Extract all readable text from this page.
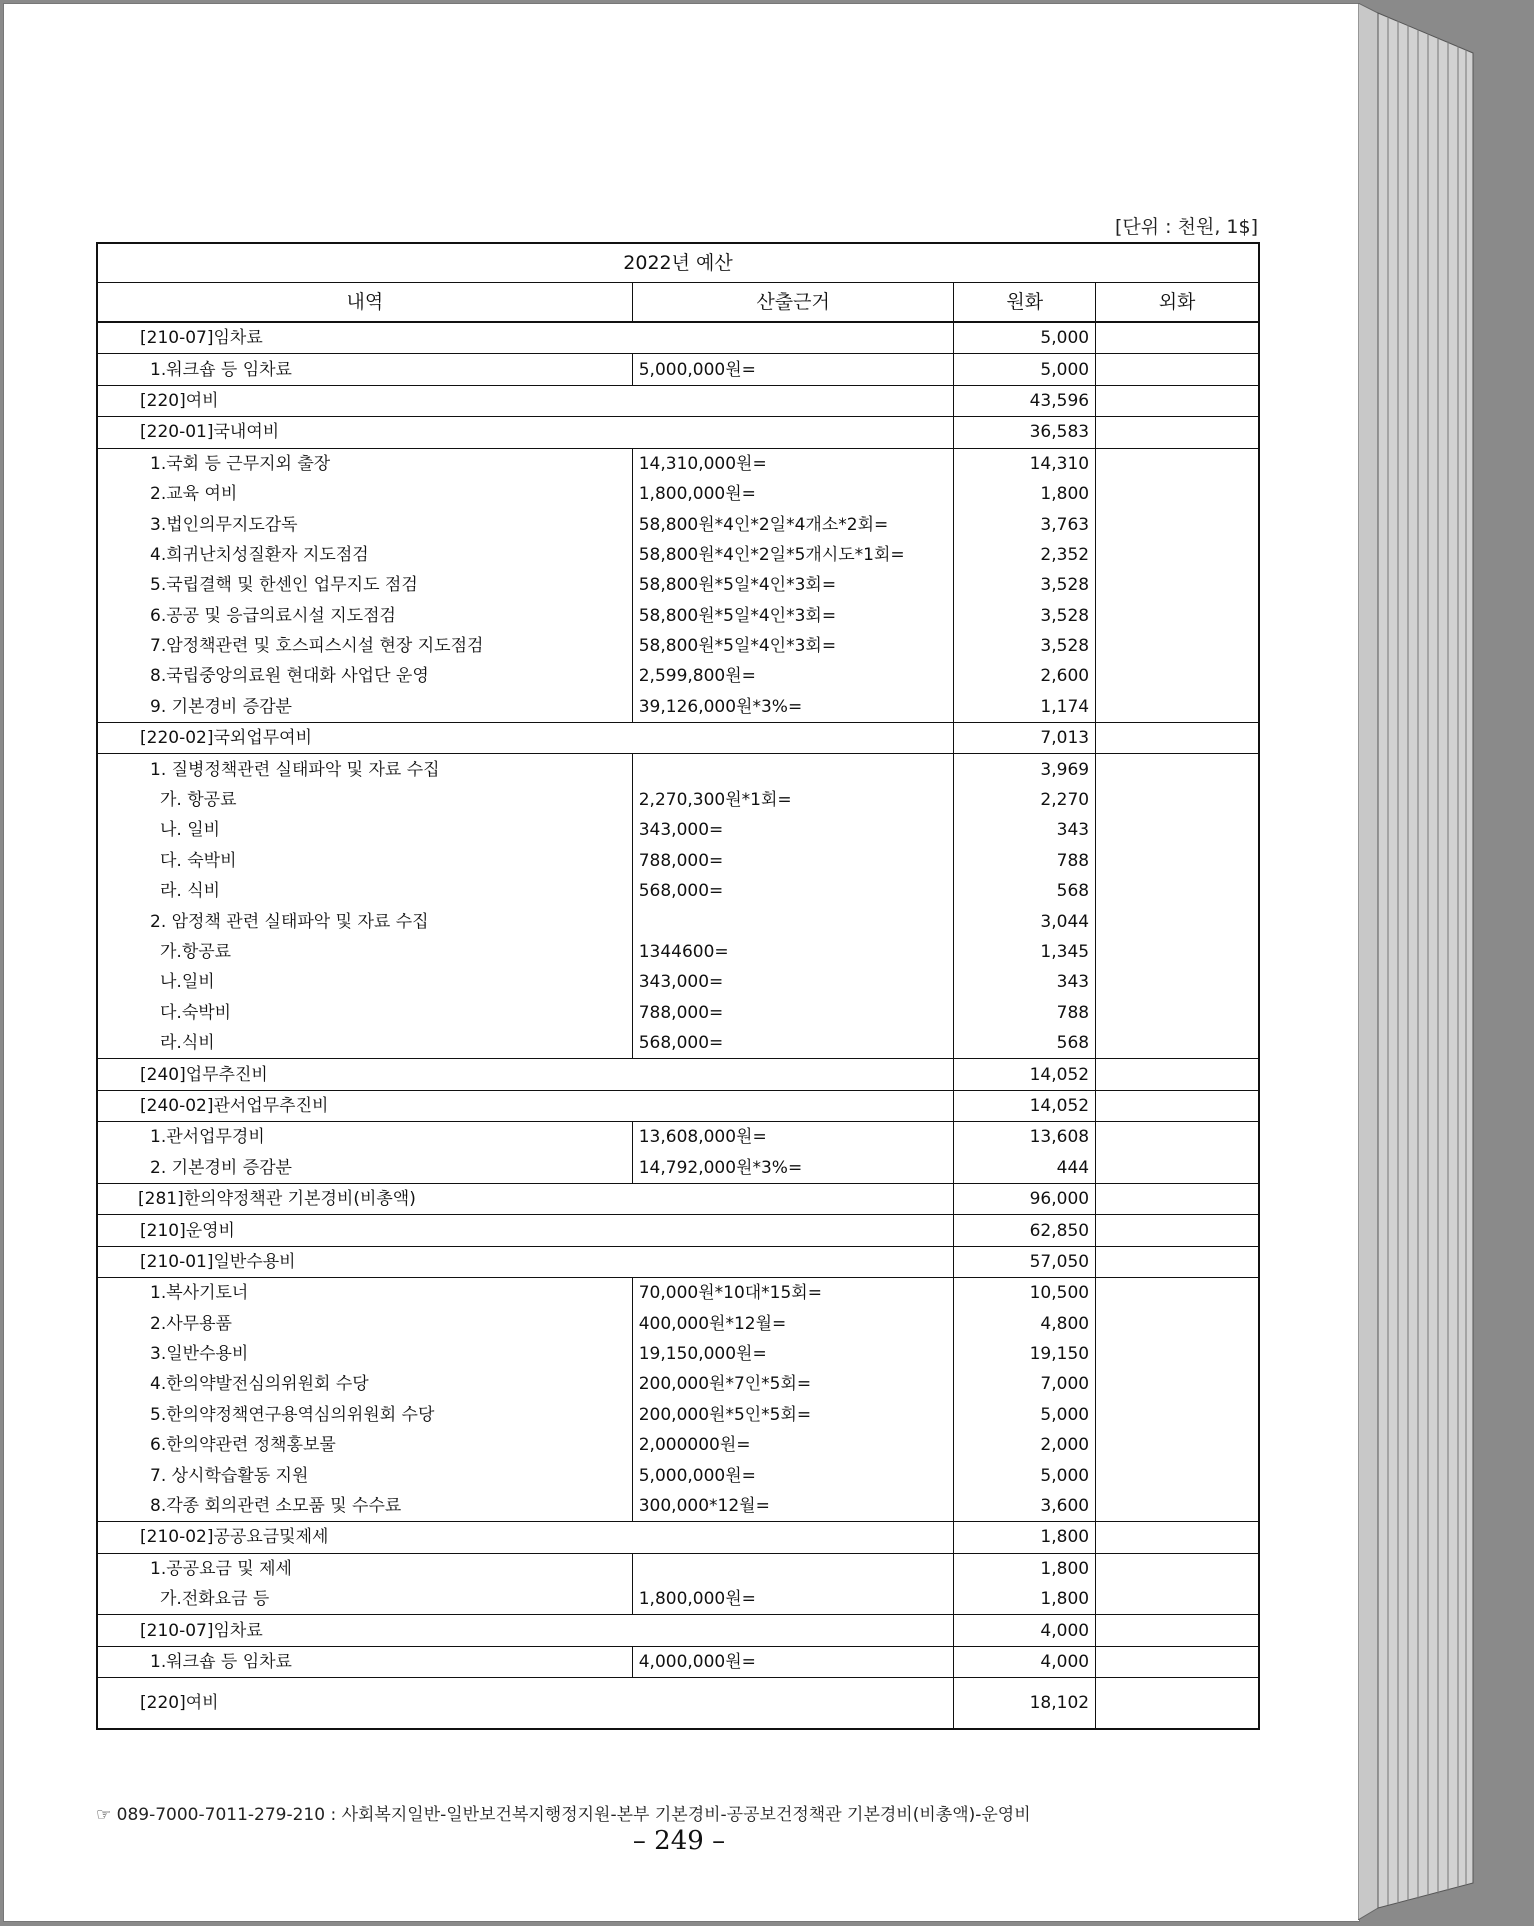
[단위 : 천원, 1$]
2022년 예산			
내역	산출근거	원화	외화
[210-07]임차료		5,000	
1.워크숍 등 임차료	5,000,000원=	5,000	
[220]여비		43,596	
[220-01]국내여비		36,583	
1.국회 등 근무지외 출장	14,310,000원=	14,310	
2.교육 여비	1,800,000원=	1,800	
3.법인의무지도감독	58,800원*4인*2일*4개소*2회=	3,763	
4.희귀난치성질환자 지도점검	58,800원*4인*2일*5개시도*1회=	2,352	
5.국립결핵 및 한센인 업무지도 점검	58,800원*5일*4인*3회=	3,528	
6.공공 및 응급의료시설 지도점검	58,800원*5일*4인*3회=	3,528	
7.암정책관련 및 호스피스시설 현장 지도점검	58,800원*5일*4인*3회=	3,528	
8.국립중앙의료원 현대화 사업단 운영	2,599,800원=	2,600	
9. 기본경비 증감분	39,126,000원*3%=	1,174	
[220-02]국외업무여비		7,013	
1. 질병정책관련 실태파악 및 자료 수집		3,969	
가. 항공료	2,270,300원*1회=	2,270	
나. 일비	343,000=	343	
다. 숙박비	788,000=	788	
라. 식비	568,000=	568	
2. 암정책 관련 실태파악 및 자료 수집		3,044	
가.항공료	1344600=	1,345	
나.일비	343,000=	343	
다.숙박비	788,000=	788	
라.식비	568,000=	568	
[240]업무추진비		14,052	
[240-02]관서업무추진비		14,052	
1.관서업무경비	13,608,000원=	13,608	
2. 기본경비 증감분	14,792,000원*3%=	444	
[281]한의약정책관 기본경비(비총액)		96,000	
[210]운영비		62,850	
[210-01]일반수용비		57,050	
1.복사기토너	70,000원*10대*15회=	10,500	
2.사무용품	400,000원*12월=	4,800	
3.일반수용비	19,150,000원=	19,150	
4.한의약발전심의위원회 수당	200,000원*7인*5회=	7,000	
5.한의약정책연구용역심의위원회 수당	200,000원*5인*5회=	5,000	
6.한의약관련 정책홍보물	2,000000원=	2,000	
7. 상시학습활동 지원	5,000,000원=	5,000	
8.각종 회의관련 소모품 및 수수료	300,000*12월=	3,600	
[210-02]공공요금및제세		1,800	
1.공공요금 및 제세		1,800	
가.전화요금 등	1,800,000원=	1,800	
[210-07]임차료		4,000	
1.워크숍 등 임차료	4,000,000원=	4,000	
[220]여비		18,102	
☞ 089-7000-7011-279-210 : 사회복지일반-일반보건복지행정지원-본부 기본경비-공공보건정책관 기본경비(비총액)-운영비
– 249 –
